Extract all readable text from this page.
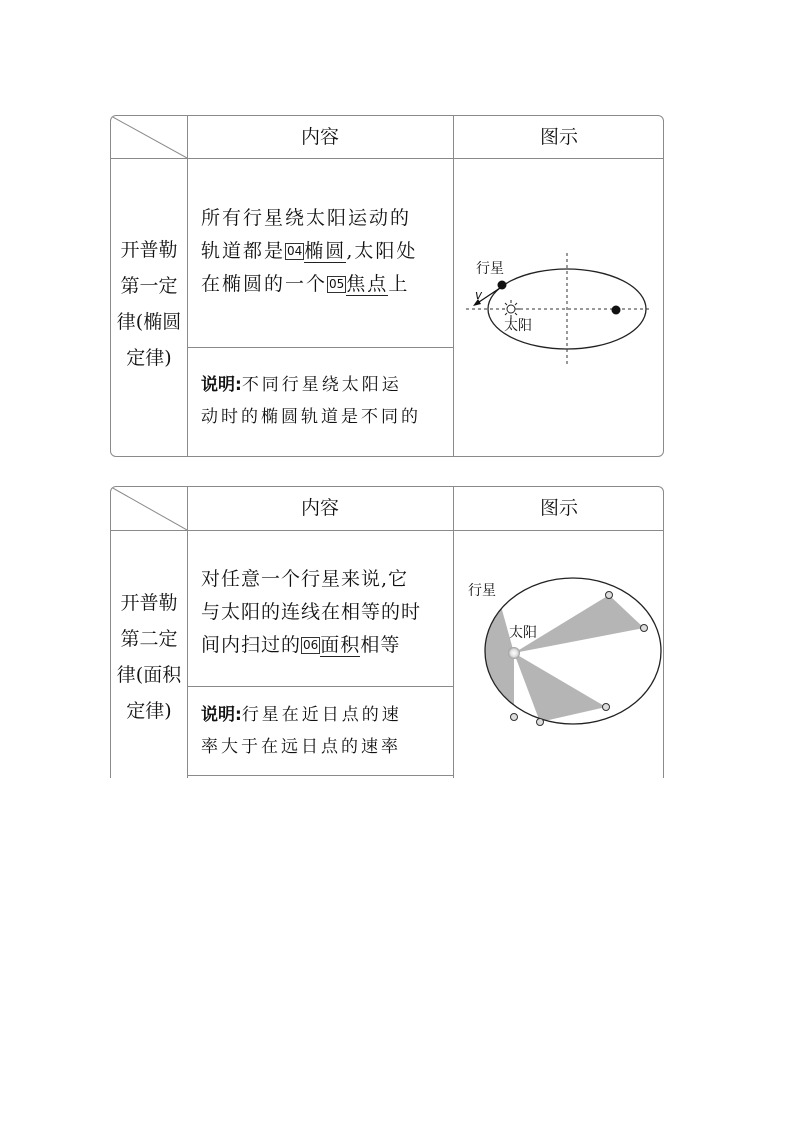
内容	图示
开普勒
第一定
律(椭圆
定律)
所有行星绕太阳运动的
轨道都是 04 椭圆,太阳处
在椭圆的一个 05 焦点上
说明:不同行星绕太阳运
动时的椭圆轨道是不同的
行星
太阳
v
内容	图示
开普勒
第二定
律(面积
定律)
对任意一个行星来说,它
与太阳的连线在相等的时
间内扫过的 06 面积相等
说明:行星在近日点的速
率大于在远日点的速率
行星
太阳
